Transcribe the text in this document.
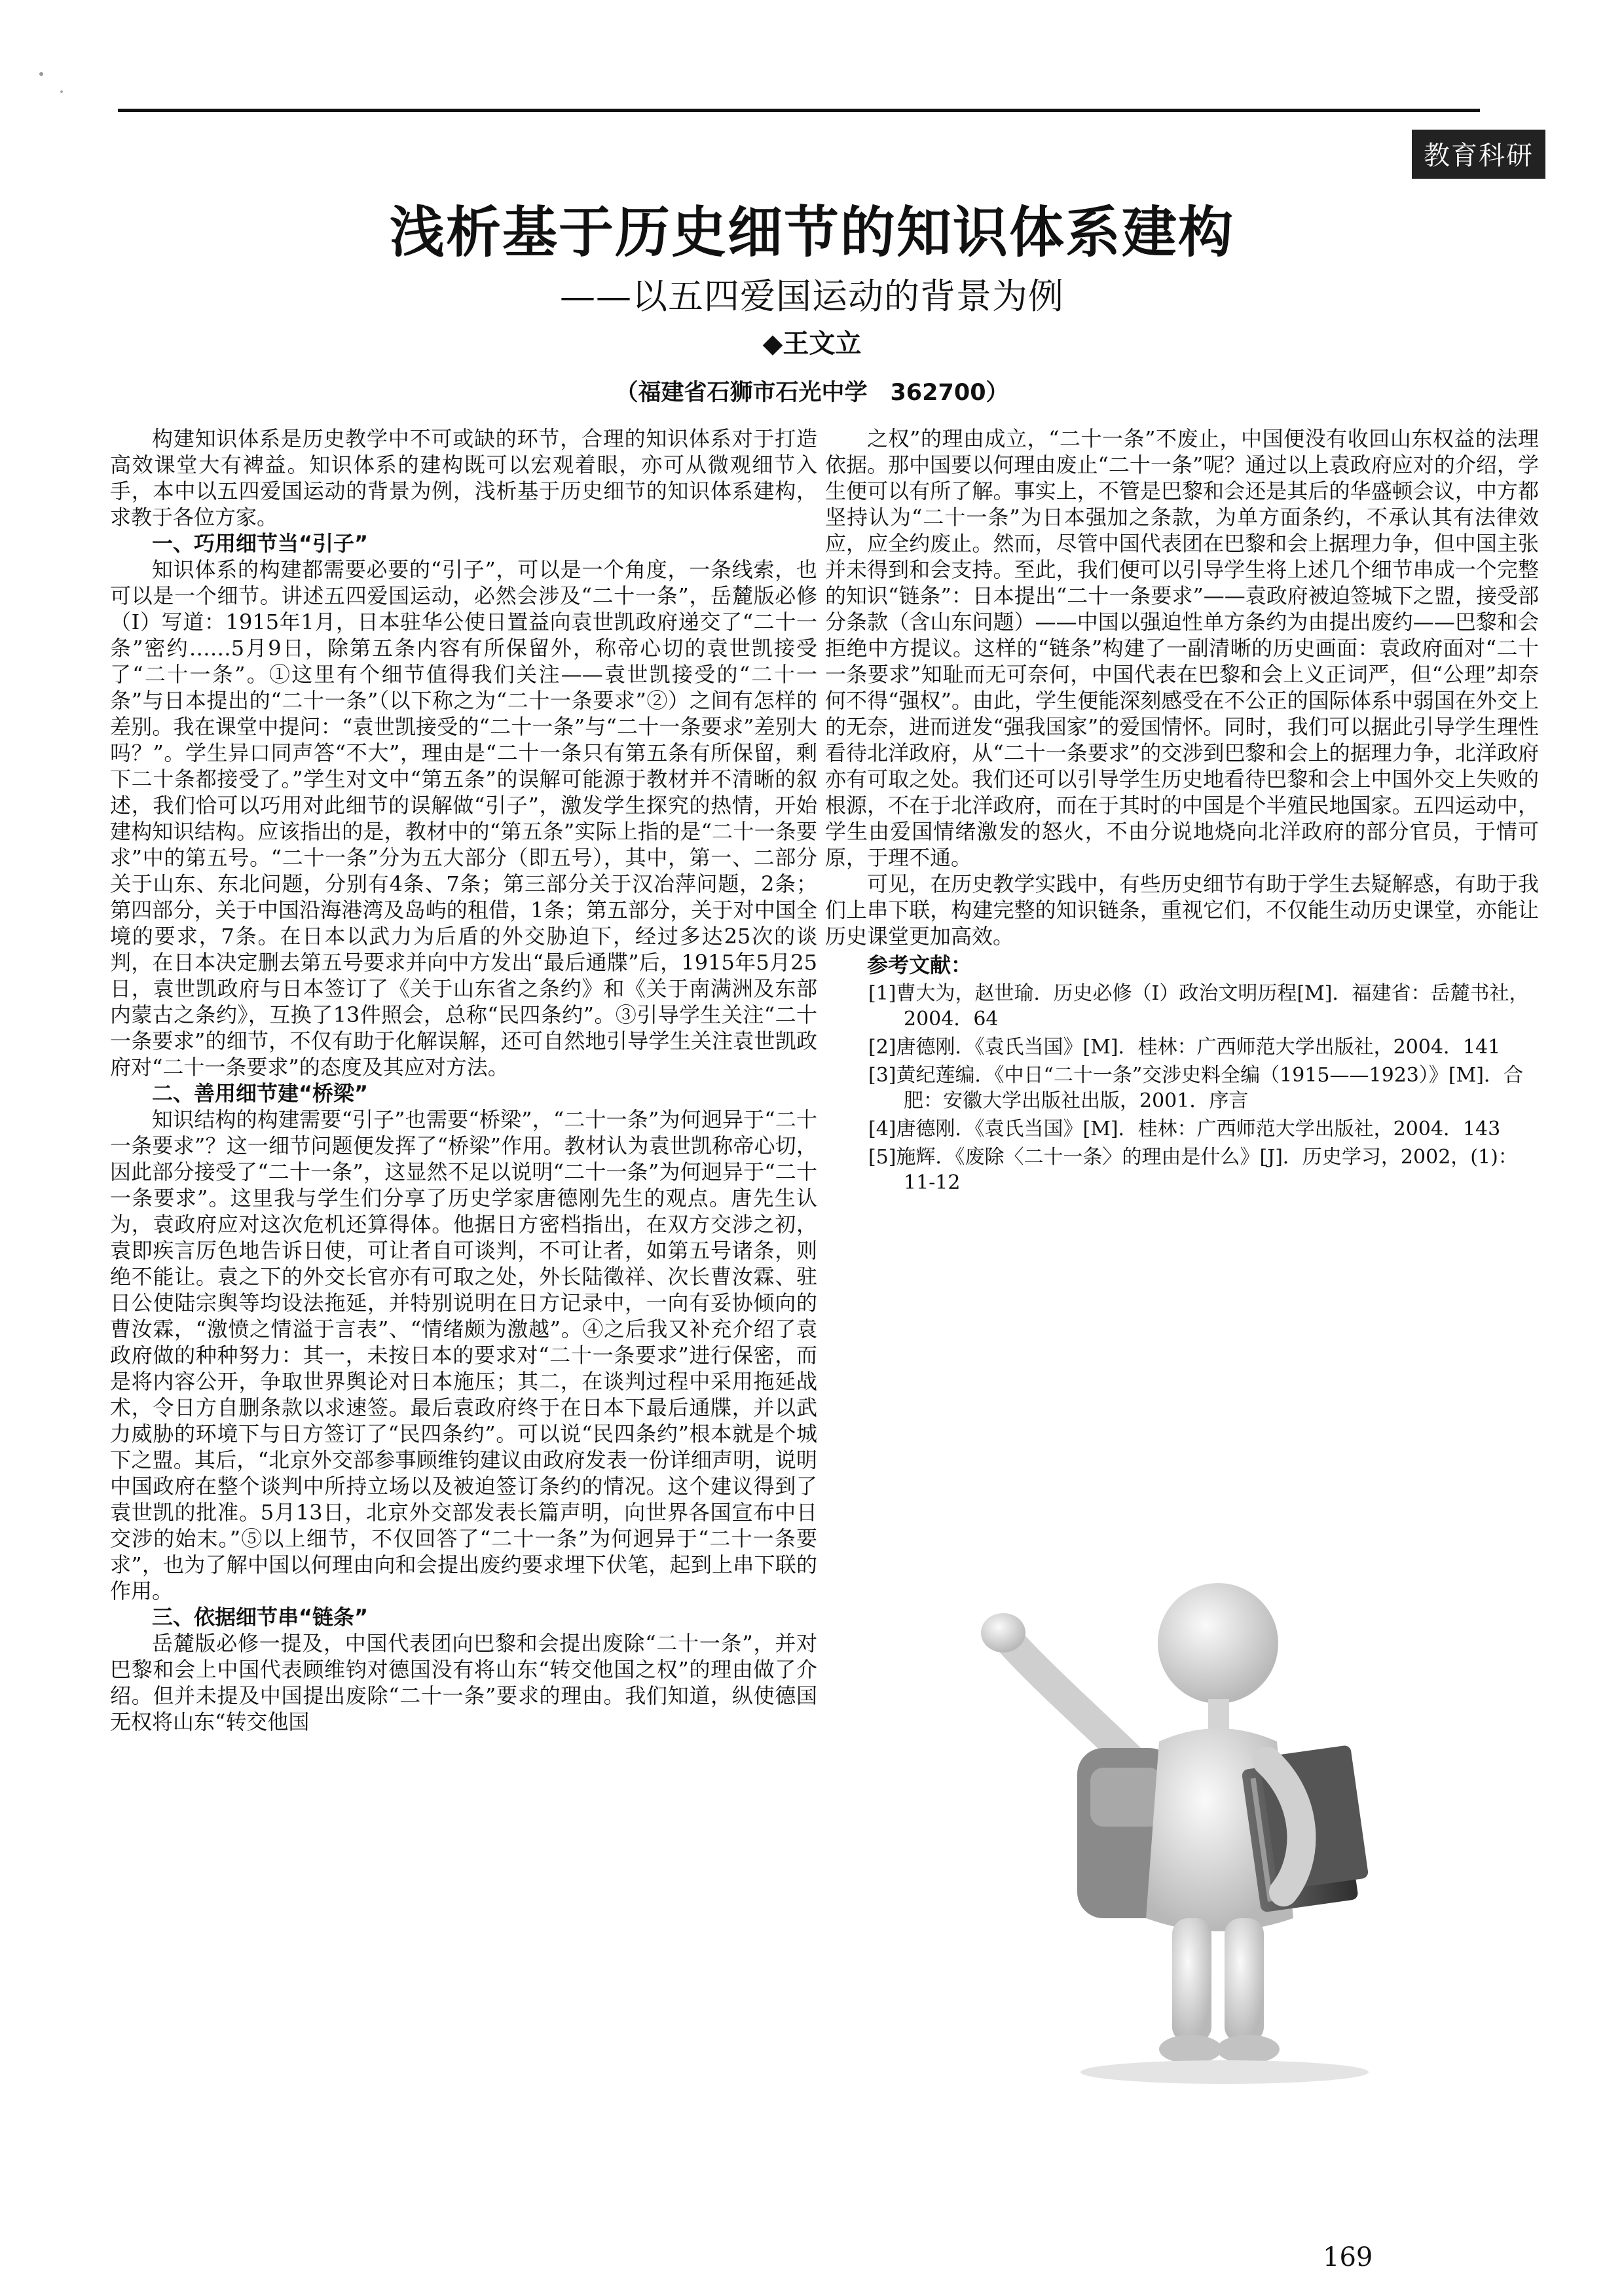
教育科研
浅析基于历史细节的知识体系建构
——以五四爱国运动的背景为例
◆王文立
（福建省石狮市石光中学　362700）

构建知识体系是历史教学中不可或缺的环节，合理的知识体系对于打造高效课堂大有裨益。知识体系的建构既可以宏观着眼，亦可从微观细节入手，本中以五四爱国运动的背景为例，浅析基于历史细节的知识体系建构，求教于各位方家。

一、巧用细节当“引子”

知识体系的构建都需要必要的“引子”，可以是一个角度，一条线索，也可以是一个细节。讲述五四爱国运动，必然会涉及“二十一条”，岳麓版必修（Ⅰ）写道：1915年1月，日本驻华公使日置益向袁世凯政府递交了“二十一条”密约……5月9日，除第五条内容有所保留外，称帝心切的袁世凯接受了“二十一条”。①这里有个细节值得我们关注——袁世凯接受的“二十一条”与日本提出的“二十一条”（以下称之为“二十一条要求”②）之间有怎样的差别。我在课堂中提问：“袁世凯接受的“二十一条”与“二十一条要求”差别大吗？”。学生异口同声答“不大”，理由是“二十一条只有第五条有所保留，剩下二十条都接受了。”学生对文中“第五条”的误解可能源于教材并不清晰的叙述，我们恰可以巧用对此细节的误解做“引子”，激发学生探究的热情，开始建构知识结构。应该指出的是，教材中的“第五条”实际上指的是“二十一条要求”中的第五号。“二十一条”分为五大部分（即五号），其中，第一、二部分关于山东、东北问题，分别有4条、7条；第三部分关于汉冶萍问题，2条；第四部分，关于中国沿海港湾及岛屿的租借，1条；第五部分，关于对中国全境的要求，7条。在日本以武力为后盾的外交胁迫下，经过多达25次的谈判，在日本决定删去第五号要求并向中方发出“最后通牒”后，1915年5月25日，袁世凯政府与日本签订了《关于山东省之条约》和《关于南满洲及东部内蒙古之条约》，互换了13件照会，总称“民四条约”。③引导学生关注“二十一条要求”的细节，不仅有助于化解误解，还可自然地引导学生关注袁世凯政府对“二十一条要求”的态度及其应对方法。

二、善用细节建“桥梁”

知识结构的构建需要“引子”也需要“桥梁”，“二十一条”为何迥异于“二十一条要求”？这一细节问题便发挥了“桥梁”作用。教材认为袁世凯称帝心切，因此部分接受了“二十一条”，这显然不足以说明“二十一条”为何迥异于“二十一条要求”。这里我与学生们分享了历史学家唐德刚先生的观点。唐先生认为，袁政府应对这次危机还算得体。他据日方密档指出，在双方交涉之初，袁即疾言厉色地告诉日使，可让者自可谈判，不可让者，如第五号诸条，则绝不能让。袁之下的外交长官亦有可取之处，外长陆徵祥、次长曹汝霖、驻日公使陆宗舆等均设法拖延，并特别说明在日方记录中，一向有妥协倾向的曹汝霖，“激愤之情溢于言表”、“情绪颇为激越”。④之后我又补充介绍了袁政府做的种种努力：其一，未按日本的要求对“二十一条要求”进行保密，而是将内容公开，争取世界舆论对日本施压；其二，在谈判过程中采用拖延战术，令日方自删条款以求速签。最后袁政府终于在日本下最后通牒，并以武力威胁的环境下与日方签订了“民四条约”。可以说“民四条约”根本就是个城下之盟。其后，“北京外交部参事顾维钧建议由政府发表一份详细声明，说明中国政府在整个谈判中所持立场以及被迫签订条约的情况。这个建议得到了袁世凯的批准。5月13日，北京外交部发表长篇声明，向世界各国宣布中日交涉的始末。”⑤以上细节，不仅回答了“二十一条”为何迥异于“二十一条要求”，也为了解中国以何理由向和会提出废约要求埋下伏笔，起到上串下联的作用。

三、依据细节串“链条”

岳麓版必修一提及，中国代表团向巴黎和会提出废除“二十一条”，并对巴黎和会上中国代表顾维钧对德国没有将山东“转交他国之权”的理由做了介绍。但并未提及中国提出废除“二十一条”要求的理由。我们知道，纵使德国无权将山东“转交他国

之权”的理由成立，“二十一条”不废止，中国便没有收回山东权益的法理依据。那中国要以何理由废止“二十一条”呢？通过以上袁政府应对的介绍，学生便可以有所了解。事实上，不管是巴黎和会还是其后的华盛顿会议，中方都坚持认为“二十一条”为日本强加之条款，为单方面条约，不承认其有法律效应，应全约废止。然而，尽管中国代表团在巴黎和会上据理力争，但中国主张并未得到和会支持。至此，我们便可以引导学生将上述几个细节串成一个完整的知识“链条”：日本提出“二十一条要求”——袁政府被迫签城下之盟，接受部分条款（含山东问题）——中国以强迫性单方条约为由提出废约——巴黎和会拒绝中方提议。这样的“链条”构建了一副清晰的历史画面：袁政府面对“二十一条要求”知耻而无可奈何，中国代表在巴黎和会上义正词严，但“公理”却奈何不得“强权”。由此，学生便能深刻感受在不公正的国际体系中弱国在外交上的无奈，进而迸发“强我国家”的爱国情怀。同时，我们可以据此引导学生理性看待北洋政府，从“二十一条要求”的交涉到巴黎和会上的据理力争，北洋政府亦有可取之处。我们还可以引导学生历史地看待巴黎和会上中国外交上失败的根源，不在于北洋政府，而在于其时的中国是个半殖民地国家。五四运动中，学生由爱国情绪激发的怒火，不由分说地烧向北洋政府的部分官员，于情可原，于理不通。

可见，在历史教学实践中，有些历史细节有助于学生去疑解惑，有助于我们上串下联，构建完整的知识链条，重视它们，不仅能生动历史课堂，亦能让历史课堂更加高效。

参考文献：
[1]曹大为，赵世瑜．历史必修（Ⅰ）政治文明历程[M]．福建省：岳麓书社，2004．64
[2]唐德刚．《袁氏当国》[M]．桂林：广西师范大学出版社，2004．141
[3]黄纪莲编．《中日“二十一条”交涉史料全编（1915——1923）》[M]．合肥：安徽大学出版社出版，2001．序言
[4]唐德刚．《袁氏当国》[M]．桂林：广西师范大学出版社，2004．143
[5]施辉．《废除〈二十一条〉的理由是什么》[J]．历史学习，2002，(1)：11-12
169
